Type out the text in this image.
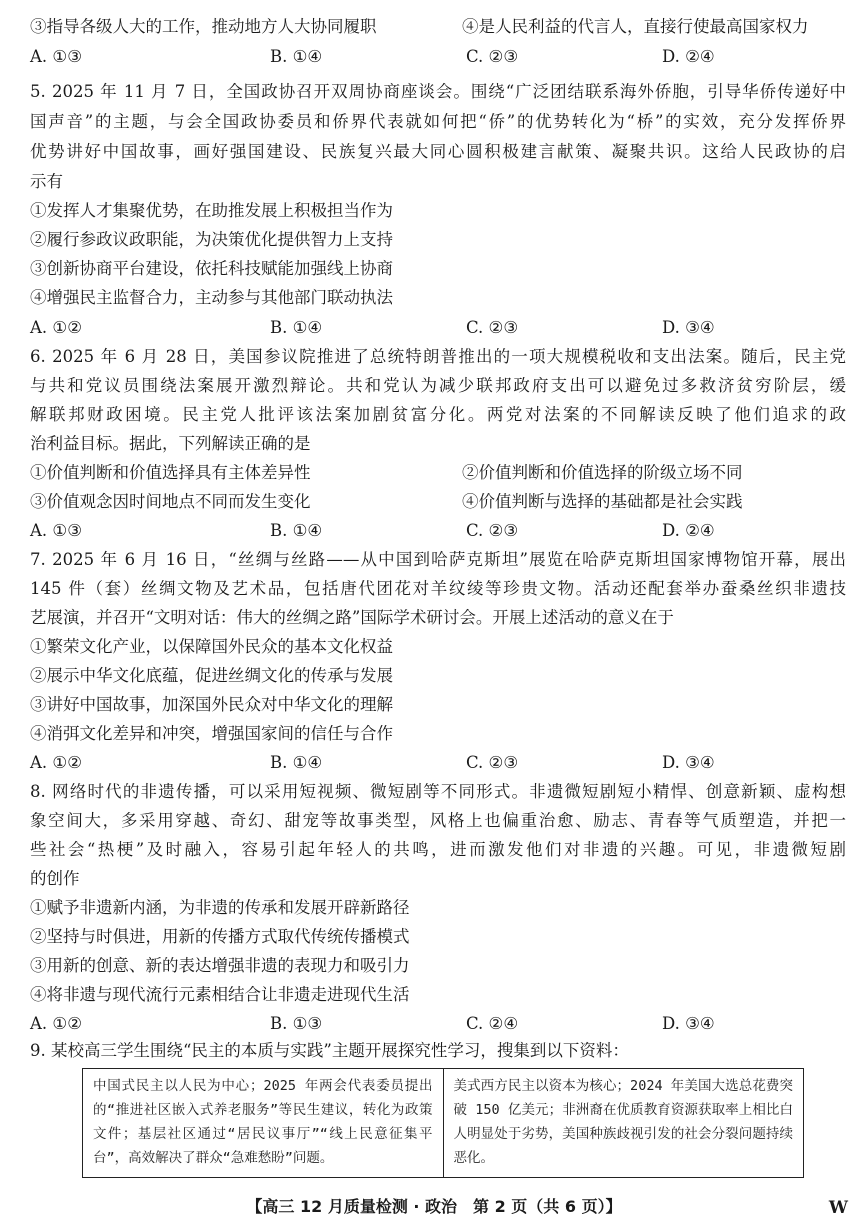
③指导各级人大的工作，推动地方人大协同履职	④是人民利益的代言人，直接行使最高国家权力
A. ①③	B. ①④	C. ②③	D. ②④
5. 2025 年 11 月 7 日，全国政协召开双周协商座谈会。围绕“广泛团结联系海外侨胞，引导华侨传递好中
国声音”的主题，与会全国政协委员和侨界代表就如何把“侨”的优势转化为“桥”的实效，充分发挥侨界
优势讲好中国故事，画好强国建设、民族复兴最大同心圆积极建言献策、凝聚共识。这给人民政协的启
示有
①发挥人才集聚优势，在助推发展上积极担当作为
②履行参政议政职能，为决策优化提供智力上支持
③创新协商平台建设，依托科技赋能加强线上协商
④增强民主监督合力，主动参与其他部门联动执法
A. ①②	B. ①④	C. ②③	D. ③④
6. 2025 年 6 月 28 日，美国参议院推进了总统特朗普推出的一项大规模税收和支出法案。随后，民主党
与共和党议员围绕法案展开激烈辩论。共和党认为减少联邦政府支出可以避免过多救济贫穷阶层，缓
解联邦财政困境。民主党人批评该法案加剧贫富分化。两党对法案的不同解读反映了他们追求的政
治利益目标。据此，下列解读正确的是
①价值判断和价值选择具有主体差异性	②价值判断和价值选择的阶级立场不同
③价值观念因时间地点不同而发生变化	④价值判断与选择的基础都是社会实践
A. ①③	B. ①④	C. ②③	D. ②④
7. 2025 年 6 月 16 日，“丝绸与丝路——从中国到哈萨克斯坦”展览在哈萨克斯坦国家博物馆开幕，展出
145 件（套）丝绸文物及艺术品，包括唐代团花对羊纹绫等珍贵文物。活动还配套举办蚕桑丝织非遗技
艺展演，并召开“文明对话：伟大的丝绸之路”国际学术研讨会。开展上述活动的意义在于
①繁荣文化产业，以保障国外民众的基本文化权益
②展示中华文化底蕴，促进丝绸文化的传承与发展
③讲好中国故事，加深国外民众对中华文化的理解
④消弭文化差异和冲突，增强国家间的信任与合作
A. ①②	B. ①④	C. ②③	D. ③④
8. 网络时代的非遗传播，可以采用短视频、微短剧等不同形式。非遗微短剧短小精悍、创意新颖、虚构想
象空间大，多采用穿越、奇幻、甜宠等故事类型，风格上也偏重治愈、励志、青春等气质塑造，并把一
些社会“热梗”及时融入，容易引起年轻人的共鸣，进而激发他们对非遗的兴趣。可见，非遗微短剧
的创作
①赋予非遗新内涵，为非遗的传承和发展开辟新路径
②坚持与时俱进，用新的传播方式取代传统传播模式
③用新的创意、新的表达增强非遗的表现力和吸引力
④将非遗与现代流行元素相结合让非遗走进现代生活
A. ①②	B. ①③	C. ②④	D. ③④
9. 某校高三学生围绕“民主的本质与实践”主题开展探究性学习，搜集到以下资料：
中国式民主以人民为中心；2025 年两会代表委员提出的“推进社区嵌入式养老服务”等民生建议，转化为政策文件；基层社区通过“居民议事厅”“线上民意征集平台”，高效解决了群众“急难愁盼”问题。
美式西方民主以资本为核心；2024 年美国大选总花费突破 150 亿美元；非洲裔在优质教育资源获取率上相比白人明显处于劣势，美国种族歧视引发的社会分裂问题持续恶化。
【高三 12 月质量检测 · 政治　第 2 页（共 6 页）】	W
